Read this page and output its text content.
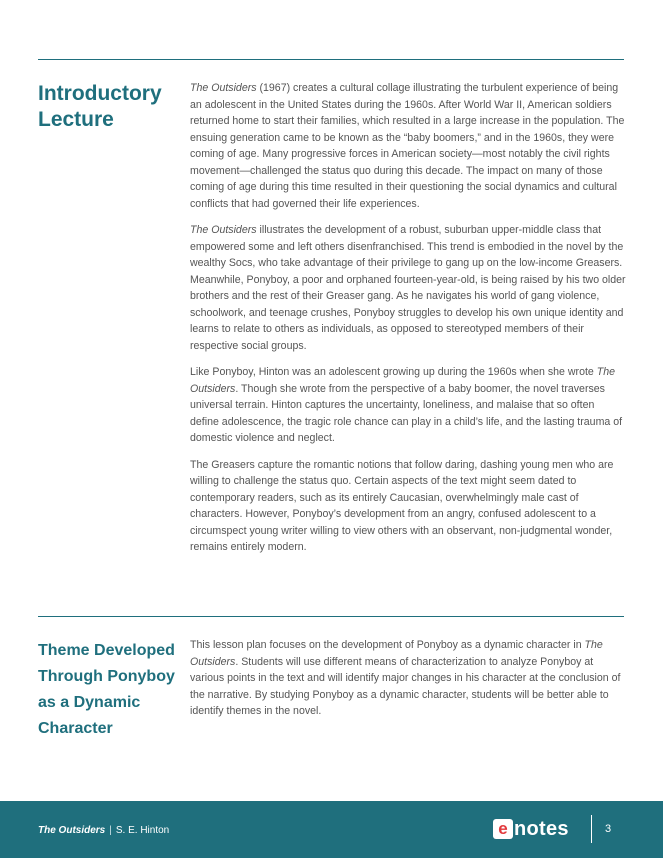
Introductory
Lecture

The Outsiders (1967) creates a cultural collage illustrating the turbulent experience of being an adolescent in the United States during the 1960s. After World War II, American soldiers returned home to start their families, which resulted in a large increase in the population. The ensuing generation came to be known as the “baby boomers,” and in the 1960s, they were coming of age. Many progressive forces in American society—most notably the civil rights movement—challenged the status quo during this decade. The impact on many of those coming of age during this time resulted in their questioning the social dynamics and cultural conflicts that had governed their life experiences.

The Outsiders illustrates the development of a robust, suburban upper-middle class that empowered some and left others disenfranchised. This trend is embodied in the novel by the wealthy Socs, who take advantage of their privilege to gang up on the low-income Greasers. Meanwhile, Ponyboy, a poor and orphaned fourteen-year-old, is being raised by his two older brothers and the rest of their Greaser gang. As he navigates his world of gang violence, schoolwork, and teenage crushes, Ponyboy struggles to develop his own unique identity and learns to relate to others as individuals, as opposed to stereotyped members of their respective social groups.

Like Ponyboy, Hinton was an adolescent growing up during the 1960s when she wrote The Outsiders. Though she wrote from the perspective of a baby boomer, the novel traverses universal terrain. Hinton captures the uncertainty, loneliness, and malaise that so often define adolescence, the tragic role chance can play in a child’s life, and the lasting trauma of domestic violence and neglect.

The Greasers capture the romantic notions that follow daring, dashing young men who are willing to challenge the status quo. Certain aspects of the text might seem dated to contemporary readers, such as its entirely Caucasian, overwhelmingly male cast of characters. However, Ponyboy’s development from an angry, confused adolescent to a circumspect young writer willing to view others with an observant, non-judgmental wonder, remains entirely modern.

Theme Developed
Through Ponyboy
as a Dynamic
Character

This lesson plan focuses on the development of Ponyboy as a dynamic character in The Outsiders. Students will use different means of characterization to analyze Ponyboy at various points in the text and will identify major changes in his character at the conclusion of the narrative. By studying Ponyboy as a dynamic character, students will be better able to identify themes in the novel.

The Outsiders | S. E. Hinton	e notes	3
